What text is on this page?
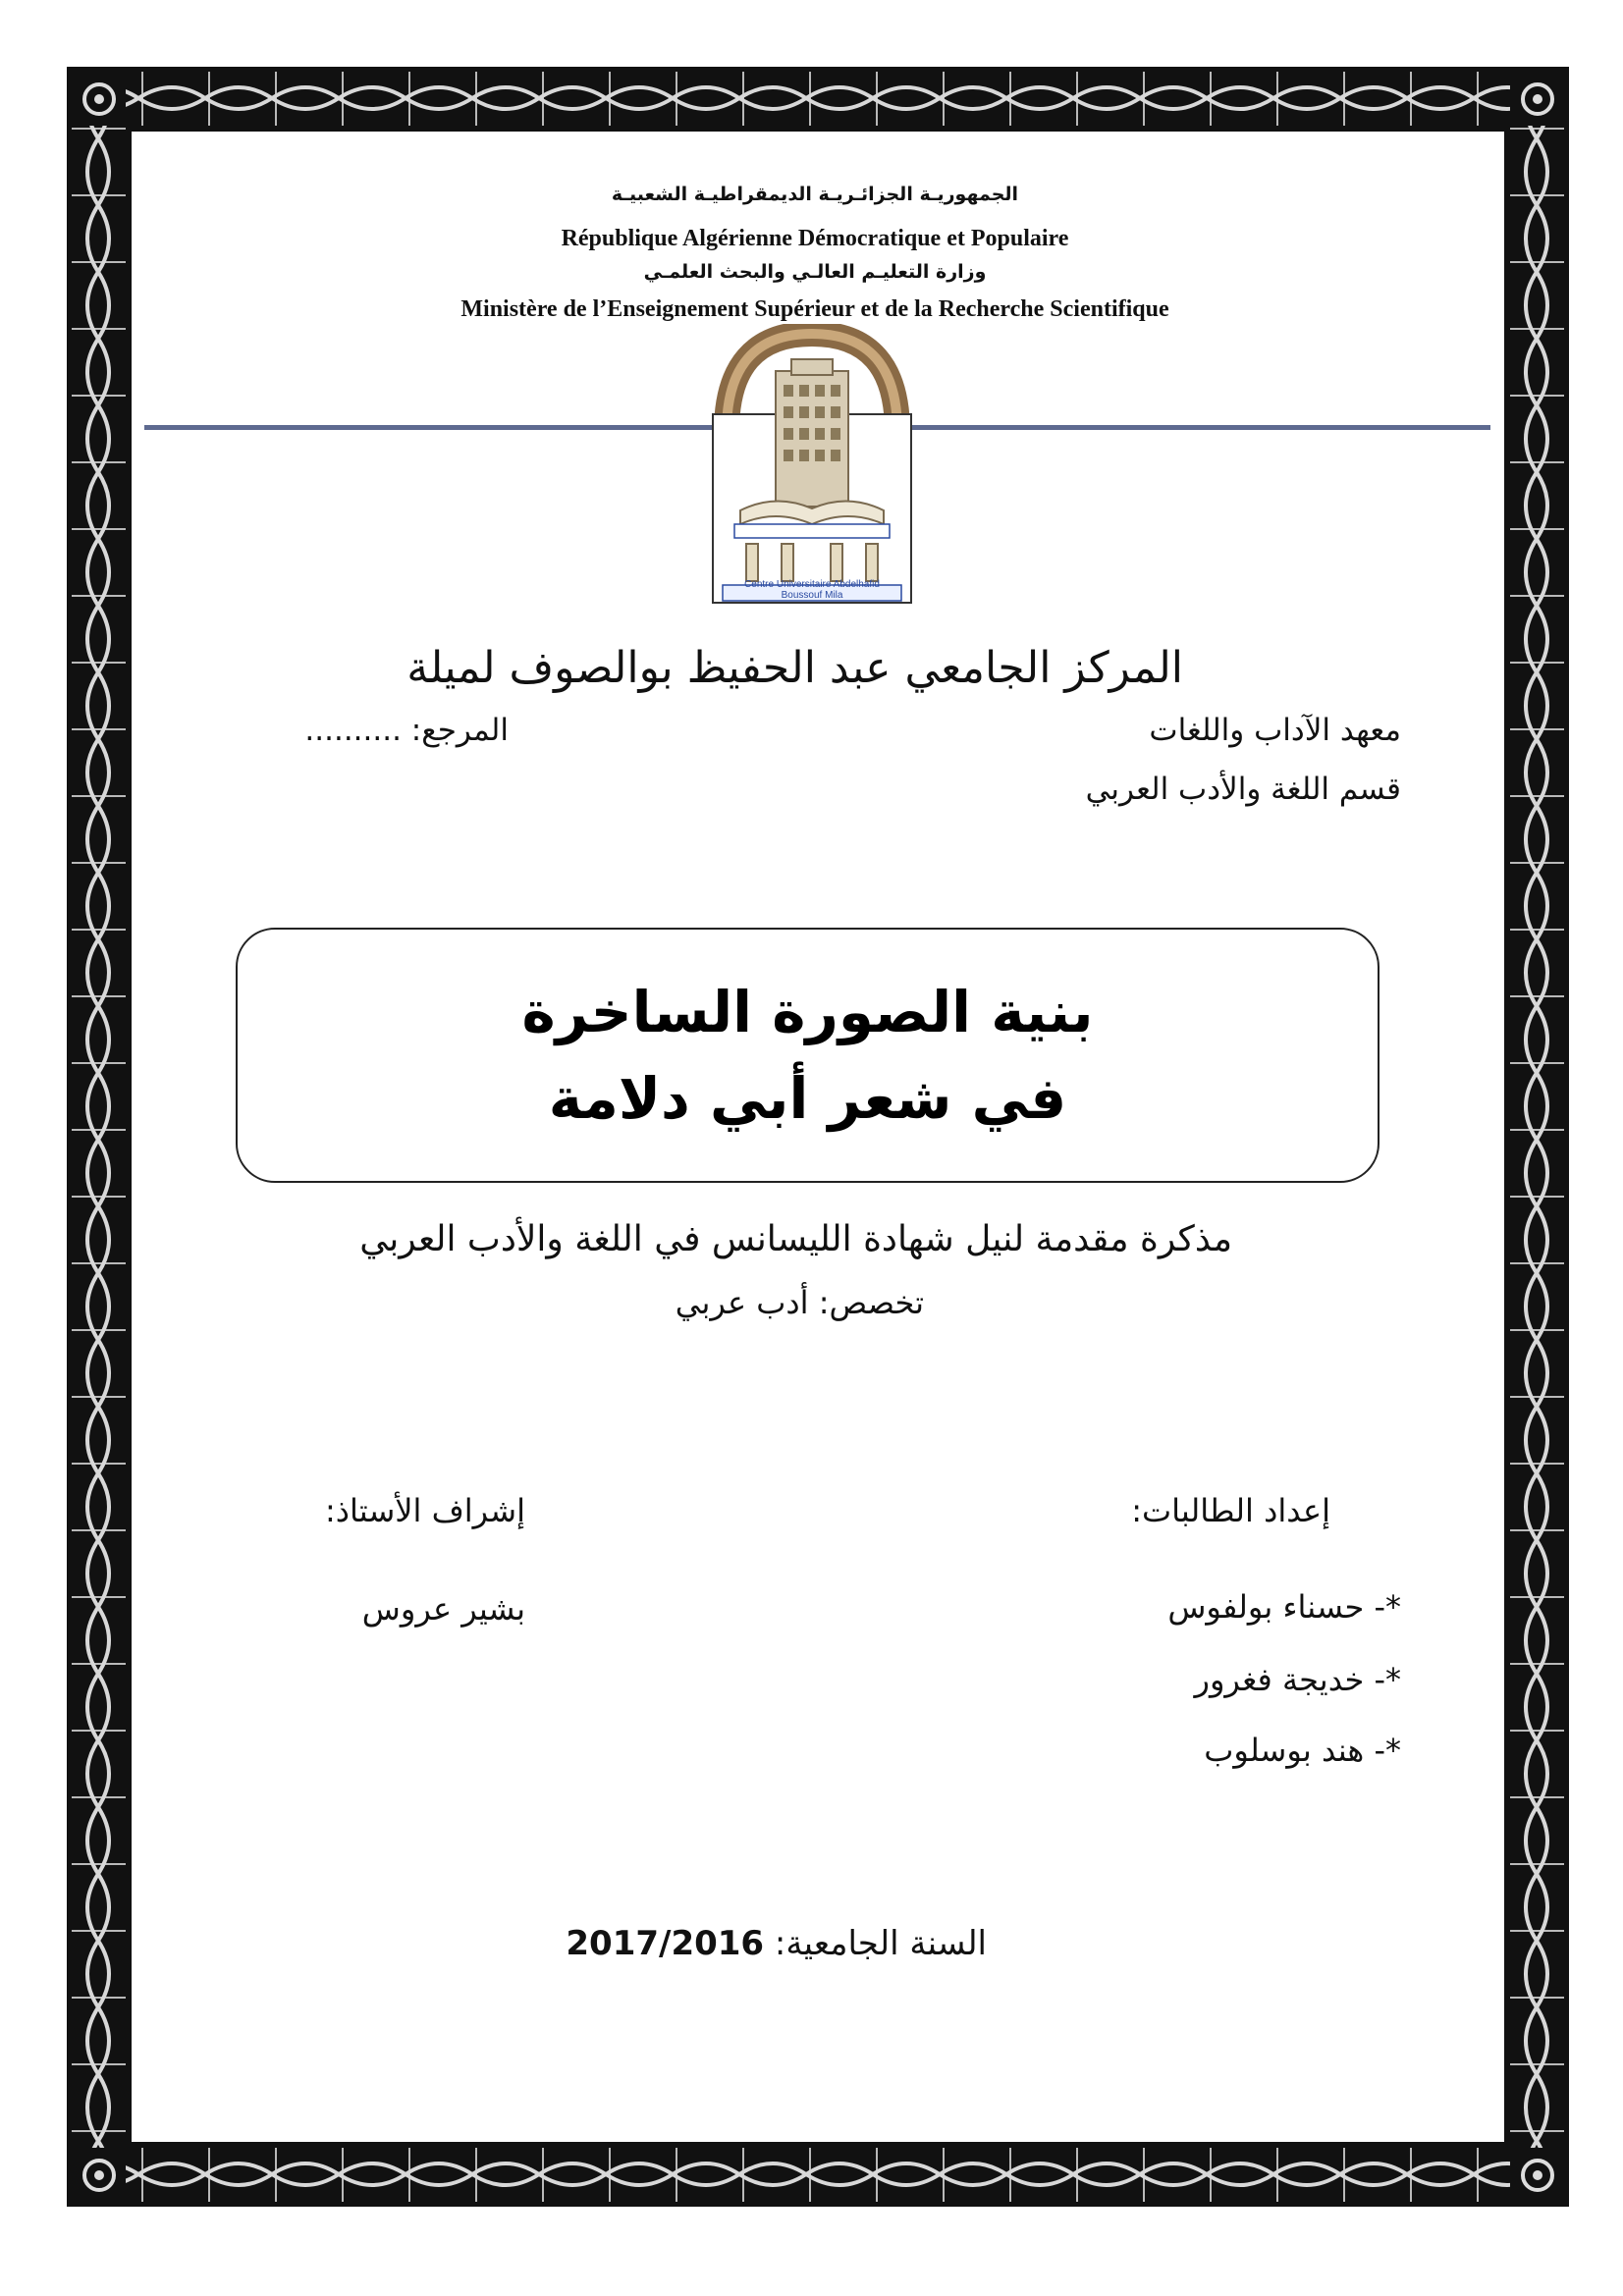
الجمهوريـة الجزائـريـة الديمقراطيـة الشعبيـة
République Algérienne Démocratique et Populaire
وزارة التعليـم العالـي والبحث العلمـي
Ministère de l’Enseignement Supérieur et de la Recherche Scientifique
Centre Universitaire Abdelhafid Boussouf Mila
المركز الجامعي عبد الحفيظ بوالصوف لميلة
معهد الآداب واللغات
المرجع: ..........
قسم اللغة والأدب العربي
بنية الصورة الساخرة
في شعر أبي دلامة
مذكرة مقدمة لنيل شهادة الليسانس في اللغة والأدب العربي
تخصص: أدب عربي
إعداد الطالبات:
إشراف الأستاذ:
*- حسناء بولفوس
*- خديجة فغرور
*- هند بوسلوب
بشير عروس
السنة الجامعية: 2017/2016
